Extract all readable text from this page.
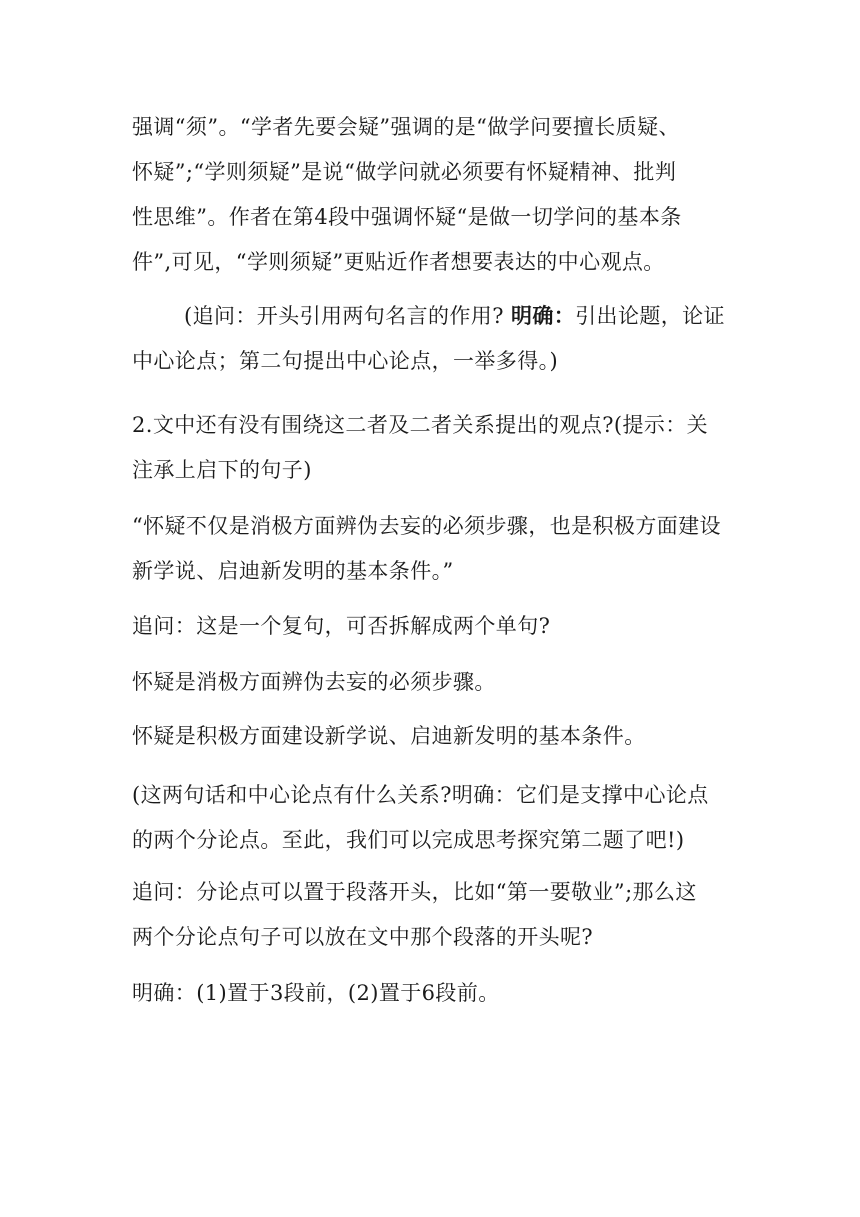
强调“须”。“学者先要会疑”强调的是“做学问要擅长质疑、
怀疑”;“学则须疑”是说“做学问就必须要有怀疑精神、批判
性思维”。作者在第4段中强调怀疑“是做一切学问的基本条
件”,可见，“学则须疑”更贴近作者想要表达的中心观点。

(追问：开头引用两句名言的作用? 明确：引出论题，论证
中心论点；第二句提出中心论点，一举多得。)

2.文中还有没有围绕这二者及二者关系提出的观点?(提示：关
注承上启下的句子)

“怀疑不仅是消极方面辨伪去妄的必须步骤，也是积极方面建设
新学说、启迪新发明的基本条件。”

追问：这是一个复句，可否拆解成两个单句?

怀疑是消极方面辨伪去妄的必须步骤。

怀疑是积极方面建设新学说、启迪新发明的基本条件。

(这两句话和中心论点有什么关系?明确：它们是支撑中心论点
的两个分论点。至此，我们可以完成思考探究第二题了吧!)

追问：分论点可以置于段落开头，比如“第一要敬业”;那么这
两个分论点句子可以放在文中那个段落的开头呢?

明确：(1)置于3段前，(2)置于6段前。
